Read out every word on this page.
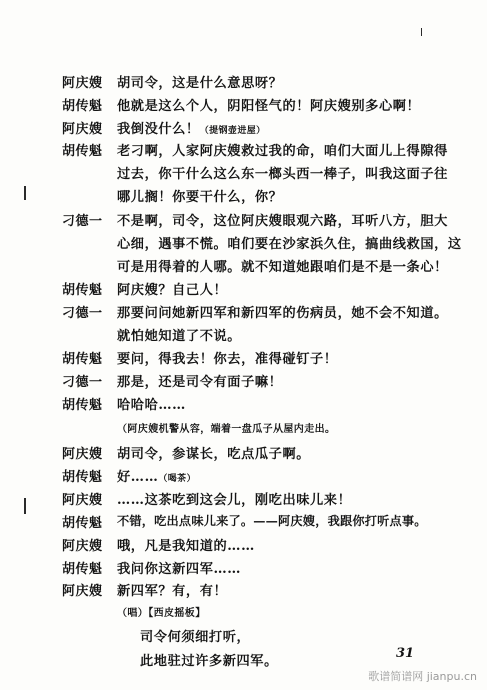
阿庆嫂 胡司令，这是什么意思呀？
胡传魁 他就是这么个人，阴阳怪气的！阿庆嫂别多心啊！
阿庆嫂 我倒没什么！（提钢壶进屋）
胡传魁 老刁啊，人家阿庆嫂救过我的命，咱们大面儿上得隙得
过去，你干什么这么东一榔头西一棒子，叫我这面子往
哪儿搁！你要干什么，你？
刁德一 不是啊，司令，这位阿庆嫂眼观六路，耳听八方，胆大
心细，遇事不慌。咱们要在沙家浜久住，搞曲线救国，这
可是用得着的人哪。就不知道她跟咱们是不是一条心！
胡传魁 阿庆嫂？自己人！
刁德一 那要问问她新四军和新四军的伤病员，她不会不知道。
就怕她知道了不说。
胡传魁 要问，得我去！你去，准得碰钉子！
刁德一 那是，还是司令有面子嘛！
胡传魁 哈哈哈……
（阿庆嫂机警从容，端着一盘瓜子从屋内走出。
阿庆嫂 胡司令，参谋长，吃点瓜子啊。
胡传魁 好……（喝茶）
阿庆嫂 ……这茶吃到这会儿，刚吃出味儿来！
胡传魁 不错，吃出点味儿来了。——阿庆嫂，我跟你打听点事。
阿庆嫂 哦，凡是我知道的……
胡传魁 我问你这新四军……
阿庆嫂 新四军？有，有！
（唱）【西皮摇板】
司令何须细打听，
此地驻过许多新四军。
31
歌谱简谱网 jianpu.cn
